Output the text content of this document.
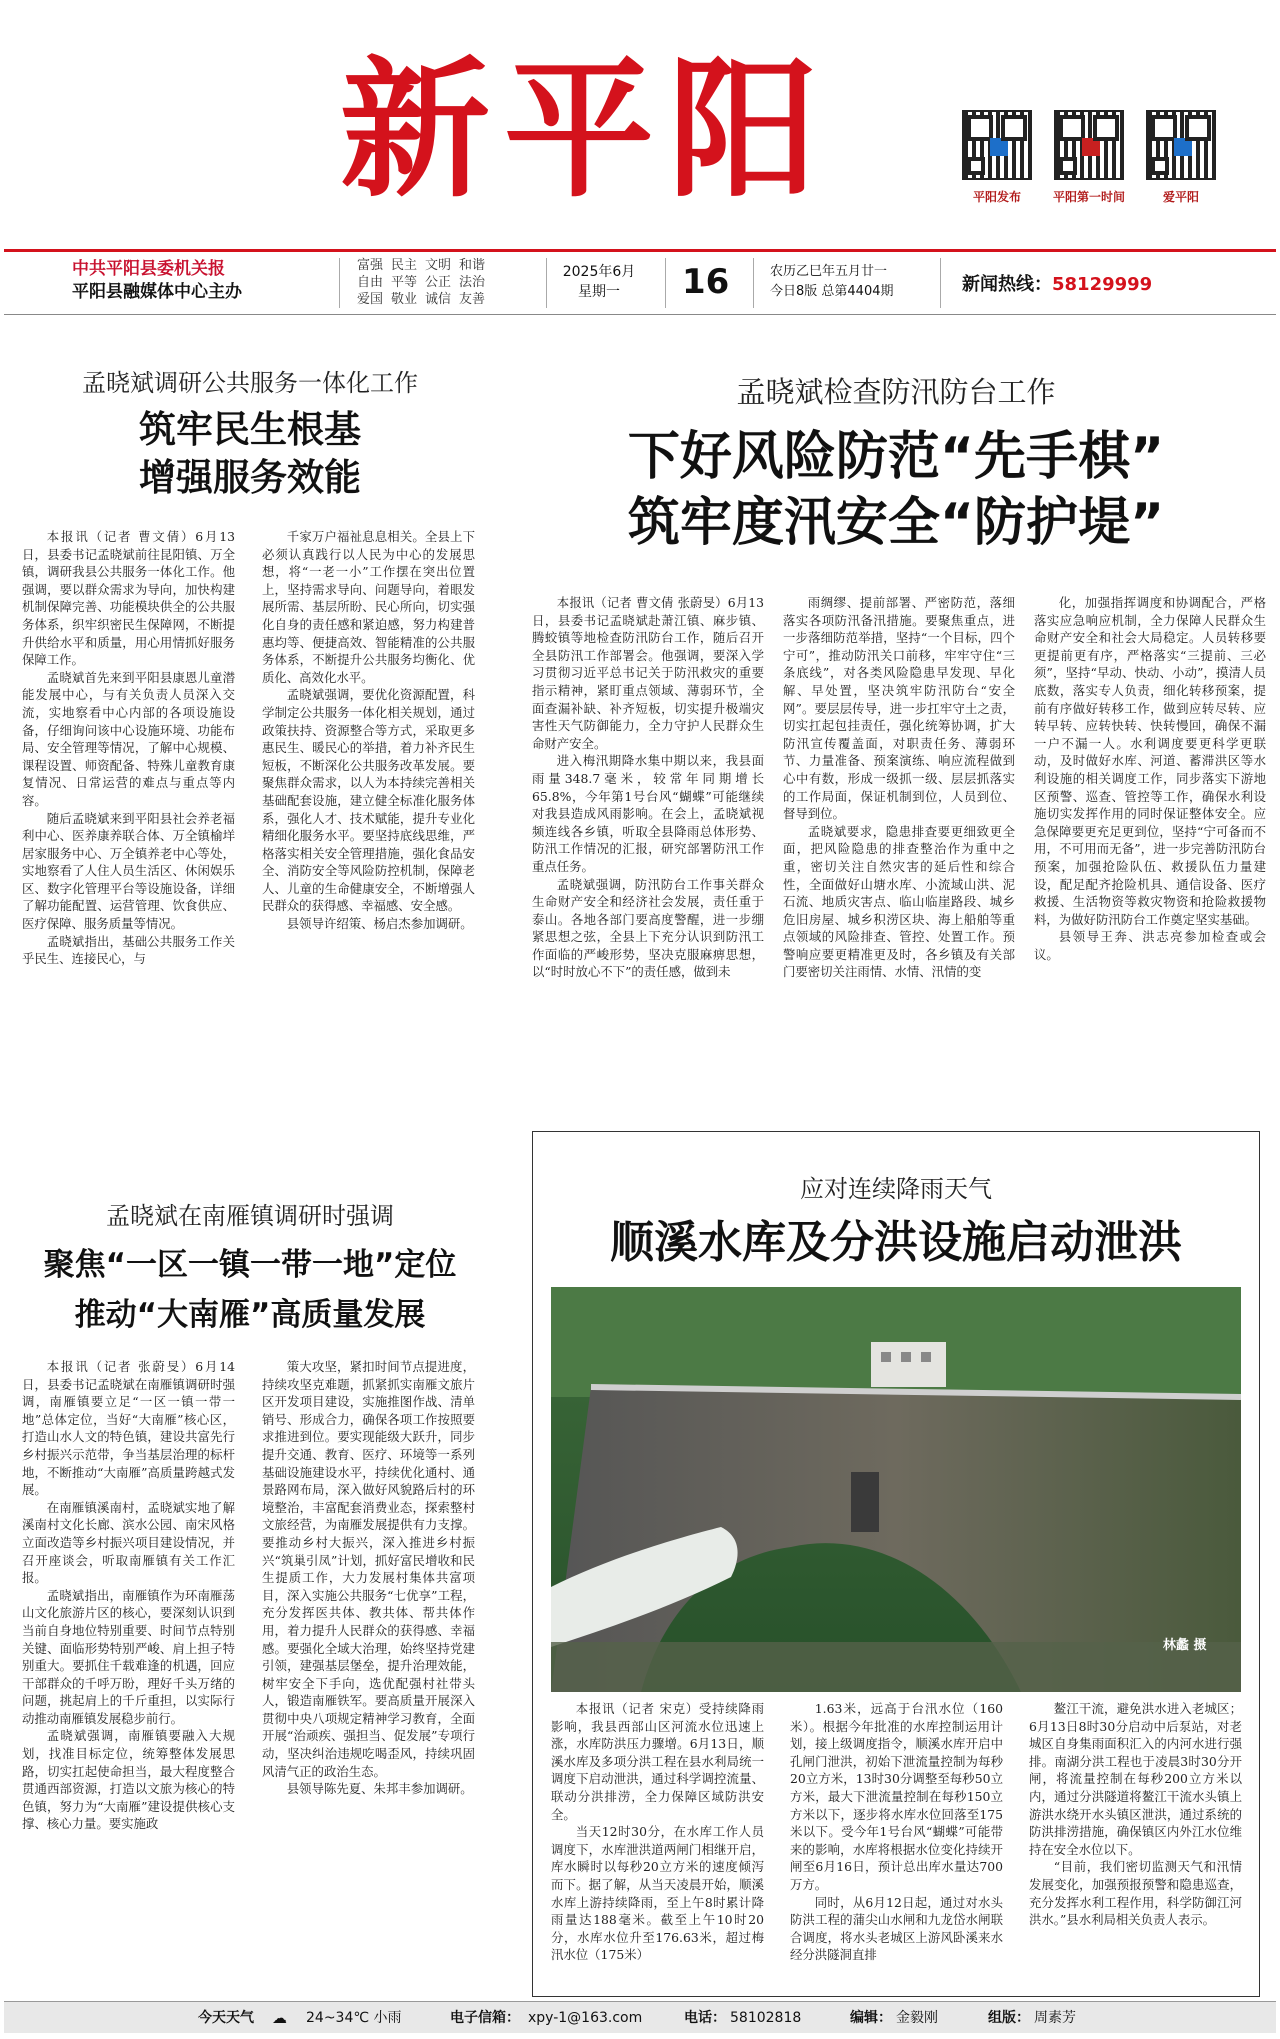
新平阳	平阳发布	平阳第一时间	爱平阳
中共平阳县委机关报
平阳县融媒体中心主办
富强 民主 文明 和谐
自由 平等 公正 法治
爱国 敬业 诚信 友善
2025年6月
星期一	16	农历乙巳年五月廿一
今日8版 总第4404期	新闻热线：58129999
孟晓斌调研公共服务一体化工作
筑牢民生根基
增强服务效能

本报讯（记者 曹文倩）6月13日，县委书记孟晓斌前往昆阳镇、万全镇，调研我县公共服务一体化工作。他强调，要以群众需求为导向，加快构建机制保障完善、功能模块供全的公共服务体系，织牢织密民生保障网，不断提升供给水平和质量，用心用情抓好服务保障工作。

孟晓斌首先来到平阳县康恩儿童潜能发展中心，与有关负责人员深入交流，实地察看中心内部的各项设施设备，仔细询问该中心设施环境、功能布局、安全管理等情况，了解中心规模、课程设置、师资配备、特殊儿童教育康复情况、日常运营的难点与重点等内容。

随后孟晓斌来到平阳县社会养老福利中心、医养康养联合体、万全镇榆垟居家服务中心、万全镇养老中心等处，实地察看了人住人员生活区、休闲娱乐区、数字化管理平台等设施设备，详细了解功能配置、运营管理、饮食供应、医疗保障、服务质量等情况。

孟晓斌指出，基础公共服务工作关乎民生、连接民心，与

千家万户福祉息息相关。全县上下必须认真践行以人民为中心的发展思想，将“一老一小”工作摆在突出位置上，坚持需求导向、问题导向，着眼发展所需、基层所盼、民心所向，切实强化自身的责任感和紧迫感，努力构建普惠均等、便捷高效、智能精准的公共服务体系，不断提升公共服务均衡化、优质化、高效化水平。

孟晓斌强调，要优化资源配置，科学制定公共服务一体化相关规划，通过政策扶持、资源整合等方式，采取更多惠民生、暖民心的举措，着力补齐民生短板，不断深化公共服务改革发展。要聚焦群众需求，以人为本持续完善相关基础配套设施，建立健全标准化服务体系，强化人才、技术赋能，提升专业化精细化服务水平。要坚持底线思维，严格落实相关安全管理措施，强化食品安全、消防安全等风险防控机制，保障老人、儿童的生命健康安全，不断增强人民群众的获得感、幸福感、安全感。

县领导许绍策、杨启杰参加调研。

孟晓斌检查防汛防台工作
下好风险防范“先手棋”
筑牢度汛安全“防护堤”

本报讯（记者 曹文倩 张蔚旻）6月13日，县委书记孟晓斌赴萧江镇、麻步镇、腾蛟镇等地检查防汛防台工作，随后召开全县防汛工作部署会。他强调，要深入学习贯彻习近平总书记关于防汛救灾的重要指示精神，紧盯重点领域、薄弱环节，全面查漏补缺、补齐短板，切实提升极端灾害性天气防御能力，全力守护人民群众生命财产安全。

进入梅汛期降水集中期以来，我县面雨量348.7毫米，较常年同期增长65.8%，今年第1号台风“蝴蝶”可能继续对我县造成风雨影响。在会上，孟晓斌视频连线各乡镇，听取全县降雨总体形势、防汛工作情况的汇报，研究部署防汛工作重点任务。

孟晓斌强调，防汛防台工作事关群众生命财产安全和经济社会发展，责任重于泰山。各地各部门要高度警醒，进一步绷紧思想之弦，全县上下充分认识到防汛工作面临的严峻形势，坚决克服麻痹思想，以“时时放心不下”的责任感，做到未

雨绸缪、提前部署、严密防范，落细落实各项防汛备汛措施。要聚焦重点，进一步落细防范举措，坚持“一个目标，四个宁可”，推动防汛关口前移，牢牢守住“三条底线”，对各类风险隐患早发现、早化解、早处置，坚决筑牢防汛防台“安全网”。要层层传导，进一步扛牢守土之责，切实扛起包挂责任，强化统筹协调，扩大防汛宣传覆盖面，对职责任务、薄弱环节、力量准备、预案演练、响应流程做到心中有数，形成一级抓一级、层层抓落实的工作局面，保证机制到位，人员到位、督导到位。

孟晓斌要求，隐患排查要更细致更全面，把风险隐患的排查整治作为重中之重，密切关注自然灾害的延后性和综合性，全面做好山塘水库、小流域山洪、泥石流、地质灾害点、临山临崖路段、城乡危旧房屋、城乡积涝区块、海上船舶等重点领域的风险排查、管控、处置工作。预警响应要更精准更及时，各乡镇及有关部门要密切关注雨情、水情、汛情的变

化，加强指挥调度和协调配合，严格落实应急响应机制，全力保障人民群众生命财产安全和社会大局稳定。人员转移要更提前更有序，严格落实“三提前、三必须”，坚持“早动、快动、小动”，摸清人员底数，落实专人负责，细化转移预案，提前有序做好转移工作，做到应转尽转、应转早转、应转快转、快转慢回，确保不漏一户不漏一人。水利调度要更科学更联动，及时做好水库、河道、蓄滞洪区等水利设施的相关调度工作，同步落实下游地区预警、巡查、管控等工作，确保水利设施切实发挥作用的同时保证整体安全。应急保障要更充足更到位，坚持“宁可备而不用，不可用而无备”，进一步完善防汛防台预案，加强抢险队伍、救援队伍力量建设，配足配齐抢险机具、通信设备、医疗救援、生活物资等救灾物资和抢险救援物料，为做好防汛防台工作奠定坚实基础。

县领导王奔、洪志亮参加检查或会议。

孟晓斌在南雁镇调研时强调
聚焦“一区一镇一带一地”定位
推动“大南雁”高质量发展

本报讯（记者 张蔚旻）6月14日，县委书记孟晓斌在南雁镇调研时强调，南雁镇要立足“一区一镇一带一地”总体定位，当好“大南雁”核心区，打造山水人文的特色镇，建设共富先行乡村振兴示范带，争当基层治理的标杆地，不断推动“大南雁”高质量跨越式发展。

在南雁镇溪南村，孟晓斌实地了解溪南村文化长廊、滨水公园、南宋风格立面改造等乡村振兴项目建设情况，并召开座谈会，听取南雁镇有关工作汇报。

孟晓斌指出，南雁镇作为环南雁荡山文化旅游片区的核心，要深刻认识到当前自身地位特别重要、时间节点特别关键、面临形势特别严峻、肩上担子特别重大。要抓住千载难逢的机遇，回应干部群众的千呼万盼，理好千头万绪的问题，挑起肩上的千斤重担，以实际行动推动南雁镇发展稳步前行。

孟晓斌强调，南雁镇要融入大规划，找准目标定位，统筹整体发展思路，切实扛起使命担当，最大程度整合贯通西部资源，打造以文旅为核心的特色镇，努力为“大南雁”建设提供核心支撑、核心力量。要实施政

策大攻坚，紧扣时间节点提进度，持续攻坚克难题，抓紧抓实南雁文旅片区开发项目建设，实施推图作战、清单销号、形成合力，确保各项工作按照要求推进到位。要实现能级大跃升，同步提升交通、教育、医疗、环境等一系列基础设施建设水平，持续优化通村、通景路网布局，深入做好风貌路后村的环境整治，丰富配套消费业态，探索整村文旅经营，为南雁发展提供有力支撑。要推动乡村大振兴，深入推进乡村振兴“筑巢引凤”计划，抓好富民增收和民生提质工作，大力发展村集体共富项目，深入实施公共服务“七优享”工程，充分发挥医共体、教共体、帮共体作用，着力提升人民群众的获得感、幸福感。要强化全域大治理，始终坚持党建引领，建强基层堡垒，提升治理效能，树牢安全下手向，选优配强村社带头人，锻造南雁铁军。要高质量开展深入贯彻中央八项规定精神学习教育，全面开展“治顽疾、强担当、促发展”专项行动，坚决纠治违规吃喝歪风，持续巩固风清气正的政治生态。

县领导陈先夏、朱邦丰参加调研。

应对连续降雨天气
顺溪水库及分洪设施启动泄洪
林蠡 摄

本报讯（记者 宋克）受持续降雨影响，我县西部山区河流水位迅速上涨，水库防洪压力骤增。6月13日，顺溪水库及多项分洪工程在县水利局统一调度下启动泄洪，通过科学调控流量、联动分洪排涝，全力保障区域防洪安全。

当天12时30分，在水库工作人员调度下，水库泄洪道两闸门相继开启，库水瞬时以每秒20立方米的速度倾泻而下。据了解，从当天凌晨开始，顺溪水库上游持续降雨，至上午8时累计降雨量达188毫米。截至上午10时20分，水库水位升至176.63米，超过梅汛水位（175米）

1.63米，远高于台汛水位（160米）。根据今年批准的水库控制运用计划，接上级调度指令，顺溪水库开启中孔闸门泄洪，初始下泄流量控制为每秒20立方米，13时30分调整至每秒50立方米，最大下泄流量控制在每秒150立方米以下，逐步将水库水位回落至175米以下。受今年1号台风“蝴蝶”可能带来的影响，水库将根据水位变化持续开闸至6月16日，预计总出库水量达700万方。

同时，从6月12日起，通过对水头防洪工程的蒲尖山水闸和九龙岱水闸联合调度，将水头老城区上游风卧溪来水经分洪隧洞直排

鳌江干流，避免洪水进入老城区；6月13日8时30分启动中后泵站，对老城区自身集雨面积汇入的内河水进行强排。南湖分洪工程也于凌晨3时30分开闸，将流量控制在每秒200立方米以内，通过分洪隧道将鳌江干流水头镇上游洪水绕开水头镇区泄洪，通过系统的防洪排涝措施，确保镇区内外江水位维持在安全水位以下。

“目前，我们密切监测天气和汛情发展变化，加强预报预警和隐患巡查，充分发挥水利工程作用，科学防御江河洪水。”县水利局相关负责人表示。

今天天气 ☁ 24~34℃ 小雨	电子信箱： xpy-1@163.com	电话： 58102818	编辑： 金毅刚	组版： 周素芳
